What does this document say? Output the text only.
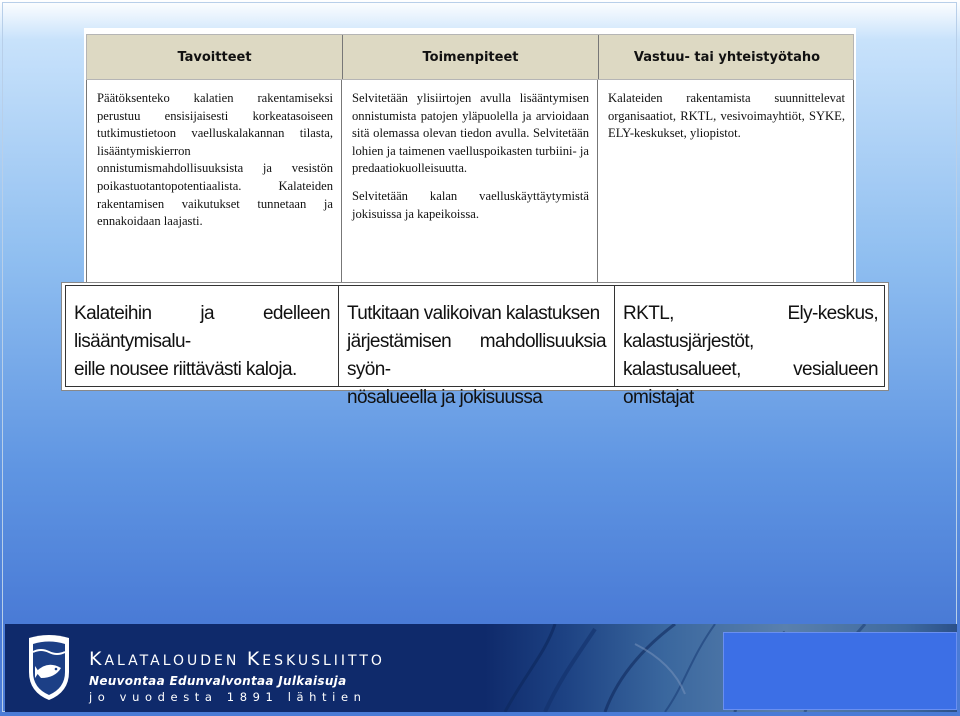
Tavoitteet	Toimenpiteet	Vastuu- tai yhteistyötaho

Päätöksenteko kalatien rakentamiseksi perustuu ensisijaisesti korkeatasoiseen tutkimustietoon vaelluskalakannan tilasta, lisääntymiskierron onnistumismahdollisuuksista ja vesistön poikastuotantopotentiaalista. Kalateiden rakentamisen vaikutukset tunnetaan ja ennakoidaan laajasti.

Selvitetään ylisiirtojen avulla lisääntymisen onnistumista patojen yläpuolella ja arvioidaan sitä olemassa olevan tiedon avulla. Selvitetään lohien ja taimenen vaelluspoikasten turbiini- ja predaatiokuolleisuutta.

Selvitetään kalan vaelluskäyttäytymistä jokisuissa ja kapeikoissa.

Kalateiden rakentamista suunnittelevat organisaatiot, RKTL, vesivoimayhtiöt, SYKE, ELY-keskukset, yliopistot.

Kalateihin ja edelleen lisääntymisalu-
eille nousee riittävästi kaloja.
Tutkitaan valikoivan kalastuksen
järjestämisen mahdollisuuksia syön-
nösalueella ja jokisuussa
RKTL, Ely-keskus, kalastusjärjestöt,
kalastusalueet, vesialueen omistajat
KALATALOUDEN KESKUSLIITTO
Neuvontaa Edunvalvontaa Julkaisuja
jo vuodesta 1891 lähtien
